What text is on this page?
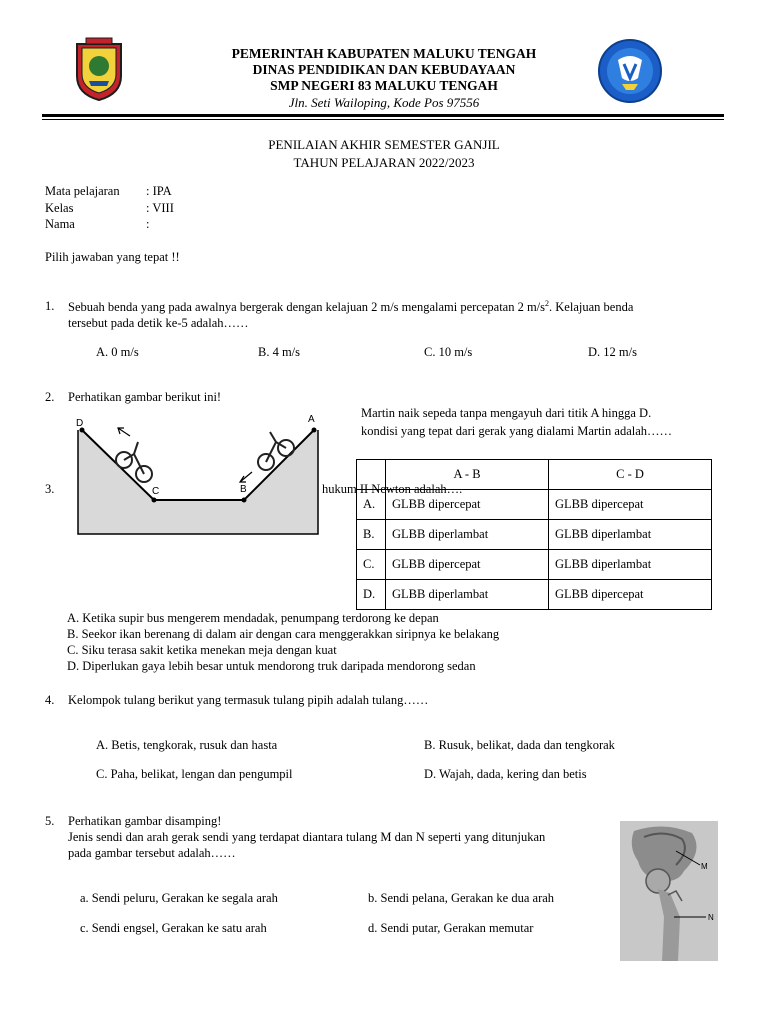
PEMERINTAH KABUPATEN MALUKU TENGAH
DINAS PENDIDIKAN DAN KEBUDAYAAN
SMP NEGERI 83 MALUKU TENGAH
Jln. Seti Wailoping, Kode Pos 97556
PENILAIAN AKHIR SEMESTER GANJIL
TAHUN PELAJARAN 2022/2023
Mata pelajaran	: IPA
Kelas	: VIII
Nama	:
Pilih jawaban yang tepat !!
1. Sebuah benda yang pada awalnya bergerak dengan kelajuan 2 m/s mengalami percepatan 2 $m/s^2$. Kelajuan benda
tersebut pada detik ke-5 adalah……
A. 0 m/s	B. 4 m/s	C. 10 m/s	D. 12 m/s
2. Perhatikan gambar berikut ini!
Martin naik sepeda tanpa mengayuh dari titik A hingga D.
kondisi yang tepat dari gerak yang dialami Martin adalah……
3.	hukum II Newton adalah….
D	A
C	B
	A - B	C - D
A.	GLBB dipercepat	GLBB dipercepat
B.	GLBB diperlambat	GLBB diperlambat
C.	GLBB dipercepat	GLBB diperlambat
D.	GLBB diperlambat	GLBB dipercepat
A. Ketika supir bus mengerem mendadak, penumpang terdorong ke depan
B. Seekor ikan berenang di dalam air dengan cara menggerakkan siripnya ke belakang
C. Siku terasa sakit ketika menekan meja dengan kuat
D. Diperlukan gaya lebih besar untuk mendorong truk daripada mendorong sedan
4. Kelompok tulang berikut yang termasuk tulang pipih adalah tulang……
A. Betis, tengkorak, rusuk dan hasta	B. Rusuk, belikat, dada dan tengkorak
C. Paha, belikat, lengan dan pengumpil	D. Wajah, dada, kering dan betis
5. Perhatikan gambar disamping!
Jenis sendi dan arah gerak sendi yang terdapat diantara tulang M dan N seperti yang ditunjukan
pada gambar tersebut adalah……
M
N
a. Sendi peluru, Gerakan ke segala arah	b. Sendi pelana, Gerakan ke dua arah
c. Sendi engsel, Gerakan ke satu arah	d. Sendi putar, Gerakan memutar
